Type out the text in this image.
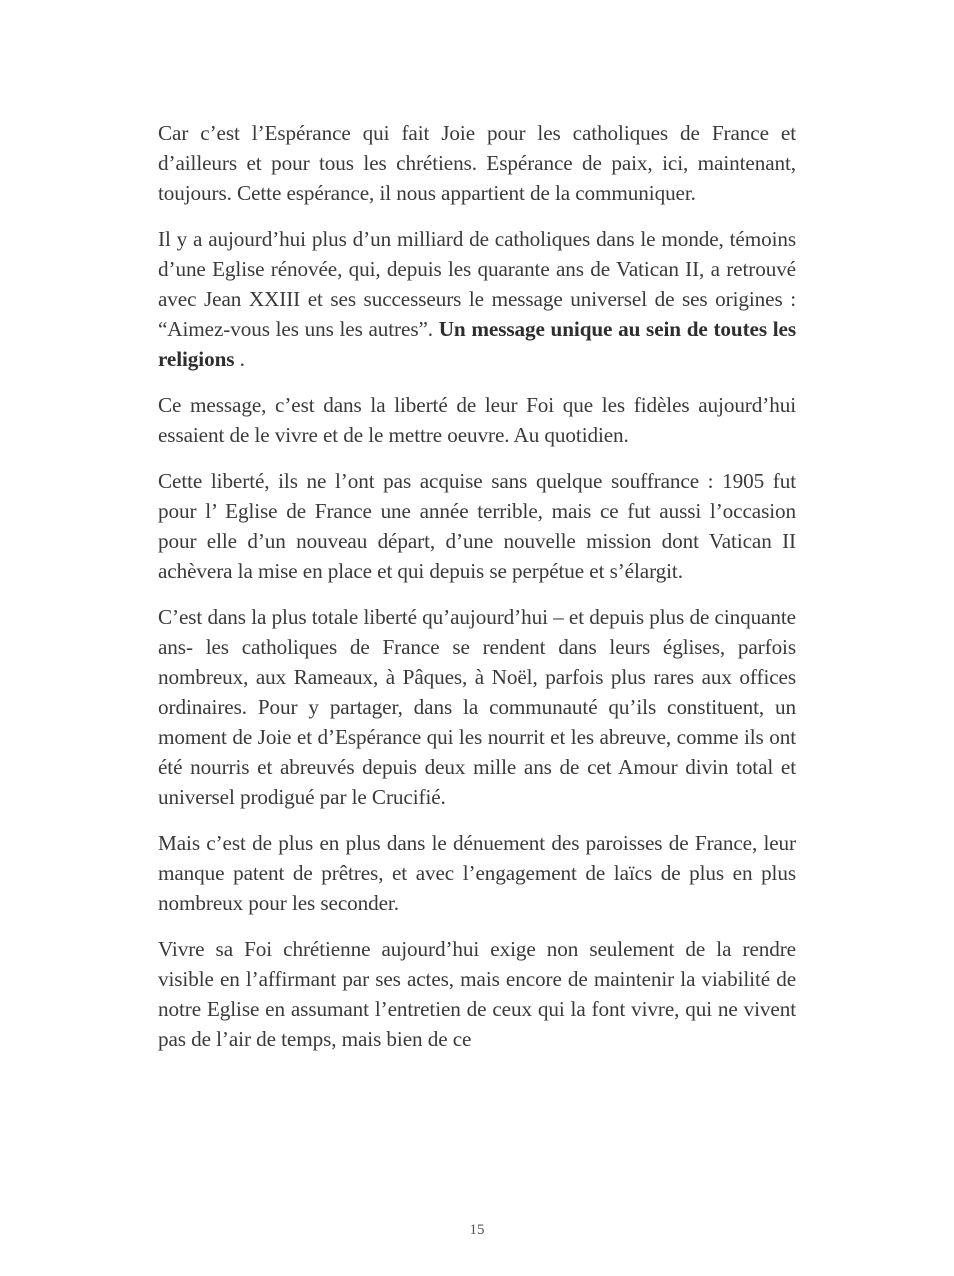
Car c’est l’Espérance qui fait Joie pour les catholiques de France et d’ailleurs et pour tous les chrétiens. Espérance de paix, ici, maintenant, toujours. Cette espérance, il nous appartient de la communiquer.

Il y a aujourd’hui plus d’un milliard de catholiques dans le monde, témoins d’une Eglise rénovée, qui, depuis les quarante ans de Vatican II, a retrouvé avec Jean XXIII et ses successeurs le message universel de ses origines : “Aimez-vous les uns les autres”. Un message unique au sein de toutes les religions .

Ce message, c’est dans la liberté de leur Foi que les fidèles aujourd’hui essaient de le vivre et de le mettre oeuvre. Au quotidien.

Cette liberté, ils ne l’ont pas acquise sans quelque souffrance : 1905 fut pour l’ Eglise de France une année terrible, mais ce fut aussi l’occasion pour elle d’un nouveau départ, d’une nouvelle mission dont Vatican II achèvera la mise en place et qui depuis se perpétue et s’élargit.

C’est dans la plus totale liberté qu’aujourd’hui – et depuis plus de cinquante ans- les catholiques de France se rendent dans leurs églises, parfois nombreux, aux Rameaux, à Pâques, à Noël, parfois plus rares aux offices ordinaires. Pour y partager, dans la communauté qu’ils constituent, un moment de Joie et d’Espérance qui les nourrit et les abreuve, comme ils ont été nourris et abreuvés depuis deux mille ans de cet Amour divin total et universel prodigué par le Crucifié.

Mais c’est de plus en plus dans le dénuement des paroisses de France, leur manque patent de prêtres, et avec l’engagement de laïcs de plus en plus nombreux pour les seconder.

Vivre sa Foi chrétienne aujourd’hui exige non seulement de la rendre visible en l’affirmant par ses actes, mais encore de maintenir la viabilité de notre Eglise en assumant l’entretien de ceux qui la font vivre, qui ne vivent pas de l’air de temps, mais bien de ce

15
